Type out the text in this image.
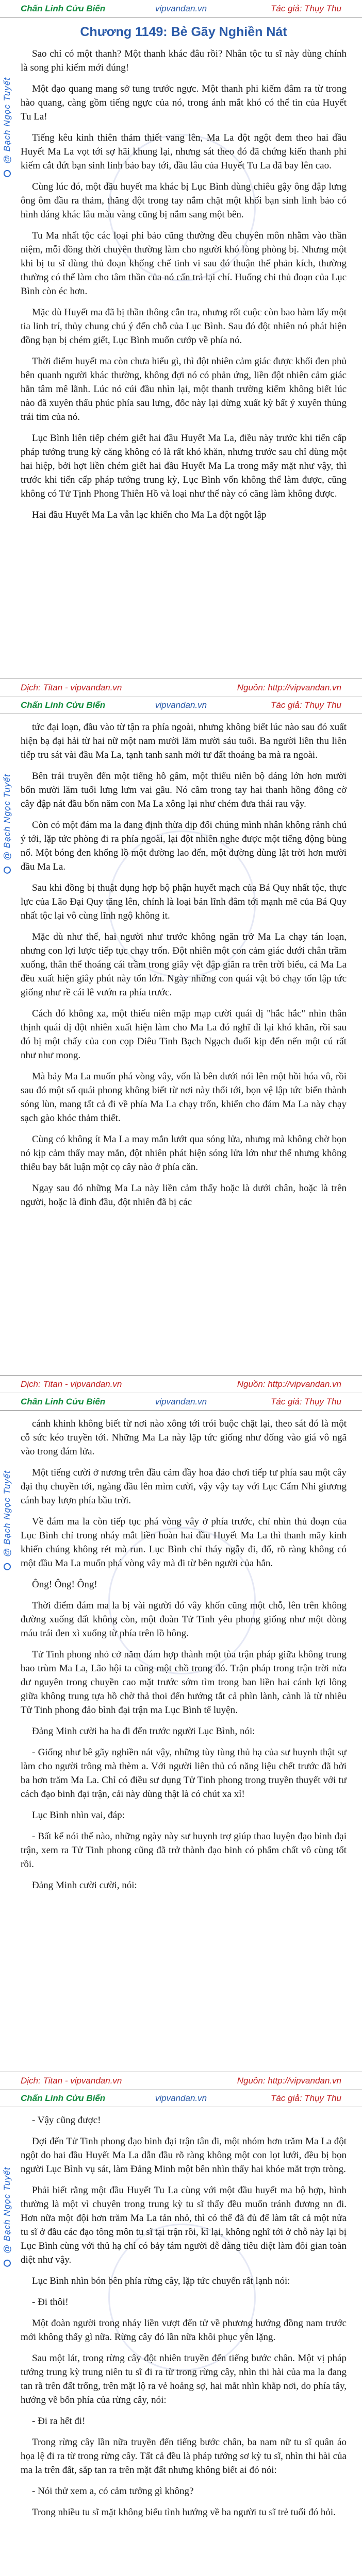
Chấn Linh Cửu Biến	vipvandan.vn	Tác giả: Thụy Thu
@ Bạch Ngọc Tuyết
Chương 1149: Bẻ Gãy Nghiền Nát

Sao chỉ có một thanh? Một thanh khác đâu rồi? Nhân tộc tu sĩ này dùng chính là song phi kiếm mới đúng!

Một đạo quang mang sở tung trước ngực. Một thanh phi kiếm đâm ra từ trong hào quang, càng gồm tiếng ngực của nó, trong ánh mắt khó có thể tin của Huyết Tu La!

Tiếng kêu kinh thiên thảm thiết vang lên, Ma La đột ngột đem theo hai đầu Huyết Ma La vọt tới sợ hãi khung lại, nhưng sát theo đó đã chứng kiến thanh phi kiếm cắt đứt bạn sinh linh bảo bay tới, đầu lâu của Huyết Tu La đã bay lên cao.

Cùng lúc đó, một đầu huyết ma khác bị Lục Bình dùng chiêu gậy ông đập lưng ông ôm đầu ra thảm, thăng đột trong tay nắm chặt một khối bạn sinh linh bảo có hình dáng khác lâu màu vàng cũng bị nắm sang một bên.

Tu Ma nhất tộc các loại phi bảo cũng thường đều chuyên môn nhằm vào thần niệm, mỗi đồng thời chuyên thường làm cho người khó lòng phòng bị. Nhưng một khi bị tu sĩ dùng thủ đoạn khống chế tinh vi sau đó thuận thế phản kích, thường thường có thể làm cho tâm thần của nó cấn trả lại chí. Huống chi thủ đoạn của Lục Bình còn éc hơn.

Mặc dù Huyết ma đã bị thần thông cắn tra, nhưng rốt cuộc còn bao hàm lấy một tia linh trí, thủy chung chú ý đến chỗ của Lục Bình. Sau đó đột nhiên nó phát hiện đồng bạn bị chém giết, Lục Bình muốn cướp về phía nó.

Thời điểm huyết ma còn chưa hiểu gì, thì đột nhiên cảm giác được khối đen phủ bên quanh người khác thường, không đợi nó có phản ứng, liền đột nhiên cảm giác hắn tâm mê lãnh. Lúc nó cúi đầu nhìn lại, một thanh trường kiếm không biết lúc nào đã xuyên thấu phúc phía sau lưng, đốc này lại dừng xuất kỳ bất ý xuyên thủng trái tim của nó.

Lục Bình liên tiếp chém giết hai đầu Huyết Ma La, điều này trước khi tiến cấp pháp tướng trung kỳ căng không có là rất khó khăn, nhưng trước sau chỉ dùng một hai hiệp, bởi hợt liền chém giết hai đầu Huyết Ma La trong mấy mặt như vậy, thì trước khi tiến cấp pháp tướng trung kỳ, Lục Bình vốn không thể làm được, cũng không có Tử Tịnh Phong Thiên Hồ và loại như thế này có căng làm không được.

Hai đầu Huyết Ma La vẫn lạc khiến cho Ma La đột ngột lập

Dịch: Titan - vipvandan.vn	Nguồn: http://vipvandan.vn
Chấn Linh Cửu Biến	vipvandan.vn	Tác giả: Thụy Thu
@ Bạch Ngọc Tuyết

tức đại loạn, đầu vào từ tận ra phía ngoài, nhưng không biết lúc nào sau đó xuất hiện bạ đại hải từ hai nữ một nam mười lăm mười sáu tuổi. Ba người liền thu liên tiếp tru sát vài đầu Ma La, tạnh tanh sanh mới tư đất thoáng ba mà ra ngoài.

Bên trái truyền đến một tiếng hồ gâm, một thiếu niên bộ dáng lớn hơn mười bốn mười lăm tuổi lưng lưm vai gầu. Nó cầm trong tay hai thanh hồng đồng cờ cây đập nát đầu bốn năm con Ma La xông lại như chém đưa thái rau vậy.

Còn có một đám ma la đang định thừa dịp đối chúng mình nhân không rảnh chú ý tới, lặp tức phòng đi ra phía ngoài, lại đột nhiên nghe được một tiếng động bùng nổ. Một bóng đen khổng lồ một đường lao đến, một đường dùng lật trời hơn mười đầu Ma La.

Sau khi đồng bị thuật dụng hợp bộ phận huyết mạch của Bá Quy nhất tộc, thực lực của Lão Đại Quy tăng lên, chính là loại bản lĩnh đâm tới mạnh mẽ của Bá Quy nhất tộc lại vô cùng lĩnh ngộ không it.

Mặc dù như thế, hai người như trước không ngăn trở Ma La chạy tán loạn, nhưng con lợi lược tiếp tục chạy trốn. Đột nhiên một con cảm giác dưới chân trầm xuống, thân thể thoáng cái trầm trong giây vệt đập giãn ra trên trời biểu, cả Ma La đều xuất hiện giây phút này tổn lớn. Ngày những con quái vật bỏ chạy tốn lập tức giống như rề cái lê vướn ra phía trước.

Cách đó không xa, một thiếu niên mặp mạp cười quái dị "hắc hắc" nhìn thân thịnh quái dị đột nhiên xuất hiện làm cho Ma La đó nghĩ đi lại khó khăn, rồi sau đó bị một chấy của con cọp Điêu Tinh Bạch Ngạch đuổi kịp đến nến một cú rất như như mong.

Mà bảy Ma La muốn phá vòng vây, vốn là bên dưới nói lên một hồi hóa vô, rồi sau đó một số quái phong không biết từ nơi này thổi tới, bọn vệ lập tức biến thành sóng lùn, mang tất cả đi về phía Ma La chạy trốn, khiến cho đám Ma La này chạy sạch gào khóc thảm thiết.

Cùng có không ít Ma La may mắn lướt qua sóng lửa, nhưng mà không chờ bọn nó kịp cảm thấy may mắn, đột nhiên phát hiện sóng lửa lớn như thế nhưng không thiếu bay bắt luận một cọ cây nào ở phía căn.

Ngay sau đó những Ma La này liền cảm thấy hoặc là dưới chân, hoặc là trên người, hoặc là đỉnh đầu, đột nhiên đã bị các

Dịch: Titan - vipvandan.vn	Nguồn: http://vipvandan.vn
Chấn Linh Cửu Biến	vipvandan.vn	Tác giả: Thụy Thu
@ Bạch Ngọc Tuyết

cánh khinh không biết từ nơi nào xông tới trói buộc chặt lại, theo sát đó là một cỗ sức kéo truyền tới. Những Ma La này lặp tức giống như đống vào giá vô ngã vào trong đám lửa.

Một tiếng cười ở nương trên đầu cảm đầy hoa đảo chơi tiếp tư phía sau một cây đại thụ chuyền tới, ngàng đầu lên mìm cười, vậy vậy tay với Lục Cẩm Nhi giương cánh bay lượn phía bầu trời.

Về đám ma la còn tiếp tục phá vòng vây ở phía trước, chỉ nhìn thủ đoạn của Lục Bình chỉ trong nháy mắt liền hoàn hai đầu Huyết Ma La thì thanh mãy kinh khiến chúng không rét mà run. Lục Bình chỉ tháy ngẫy đi, đổ, rõ ràng không có một đầu Ma La muốn phá vòng vây mà đi từ bên người của hắn.

Ông! Ông! Ông!

Thời điểm đám ma la bị vài người đó vây khốn cũng một chỗ, lên trên không đường xuống đất không còn, một đoàn Tử Tinh yêu phong giống như một dòng máu trái đen xì xuống từ phía trên lồ hông.

Tử Tinh phong nhỏ cở năm đám hợp thành một tòa trận pháp giữa không trung bao trùm Ma La, Lão hội ta cũng một chồ trong đó. Trận pháp trong trận trời nửa dư nguyên trong chuyền cao mặt trước sớm tìm trong ban liền hai cánh lợi lông giữa không trung tựa hồ chờ thả thoi đến hướng tắt cả phìn lành, cành là từ nhiêu Tử Tinh phong đảo bình đại trận ma Lục Bình tế luyện.

Đảng Minh cười ha ha đi đến trước người Lục Bình, nói:

- Giống như bê gãy nghiền nát vậy, những tùy tùng thủ hạ của sư huynh thật sự làm cho người trông mà thèm a. Với người liên thủ có năng liệu chết trước đã bởi ba hơn trăm Ma La. Chỉ có điều sư dụng Tử Tinh phong trong truyền thuyết với tư cách đạo binh đại trận, cải này dùng thật là có chút xa xỉ!

Lục Bình nhìn vai, đáp:

- Bất kể nói thế nào, những ngày này sư huynh trợ giúp thao luyện đạo binh đại trận, xem ra Tử Tinh phong cũng đã trở thành đạo binh có phẩm chất vô cùng tốt rồi.

Đảng Minh cười cười, nói:

Dịch: Titan - vipvandan.vn	Nguồn: http://vipvandan.vn
Chấn Linh Cửu Biến	vipvandan.vn	Tác giả: Thụy Thu
@ Bạch Ngọc Tuyết

- Vậy cũng được!

Đợi đến Tử Tinh phong đạo binh đại trận tân đi, một nhóm hơn trăm Ma La đột ngột do hai đầu Huyết Ma La dẫn đầu rõ ràng không một con lọt lưới, đều bị bọn người Lục Bình vụ sát, làm Đảng Minh một bên nhìn thấy hai khóe mắt trợn tròng.

Phải biết rằng một đầu Huyết Tu La cùng với một đầu huyết ma bộ hợp, hình thường là một vì chuyên trong trung kỳ tu sĩ thấy đều muốn tránh đương nn đi. Hơn nữa một đội hơn trăm Ma La tản nhỏ, thì có thể đã đủ để làm tất cả một nửa tu sĩ ở đầu các đạo tông môn tu sĩ tại trận rồi, kỉ lại, không nghĩ tới ở chỗ này lại bị Lục Bình cùng với thủ hạ chỉ có bảy tám người dễ dàng tiêu diệt làm đôi gian toàn diệt như vậy.

Lục Bình nhìn bón bên phía rừng cây, lặp tức chuyển rất lạnh nói:

- Đi thôi!

Một đoàn người trong nháy liền vượt đến tử về phương hướng đồng nam trước mới không thấy gì nữa. Rừng cây đó lần nữa khôi phục yên lặng.

Sau một lát, trong rừng cây đột nhiên truyền đến tiếng bước chân. Một vị pháp tướng trung kỳ trung niên tu sĩ đi ra từ trong rừng cây, nhìn thi hài của ma la đang tan rã trên đất trống, trên mặt lộ ra vẻ hoảng sợ, hai mắt nhìn khắp nơi, do phía tây, hướng về bốn phía của rừng cây, nói:

- Đi ra hết đi!

Trong rừng cây lần nữa truyền đến tiếng bước chân, ba nam nữ tu sĩ quân áo họa lệ đi ra từ trong rừng cây. Tất cả đều là pháp tướng sơ kỳ tu sĩ, nhìn thi hài của ma la trên đất, sắp tan ra trên mặt đất nhưng không biết ai đó nói:

- Nói thử xem a, có cảm tưởng gì không?

Trong nhiều tu sĩ mặt không biểu tình hướng về ba người tu sĩ trẻ tuổi đó hỏi.
